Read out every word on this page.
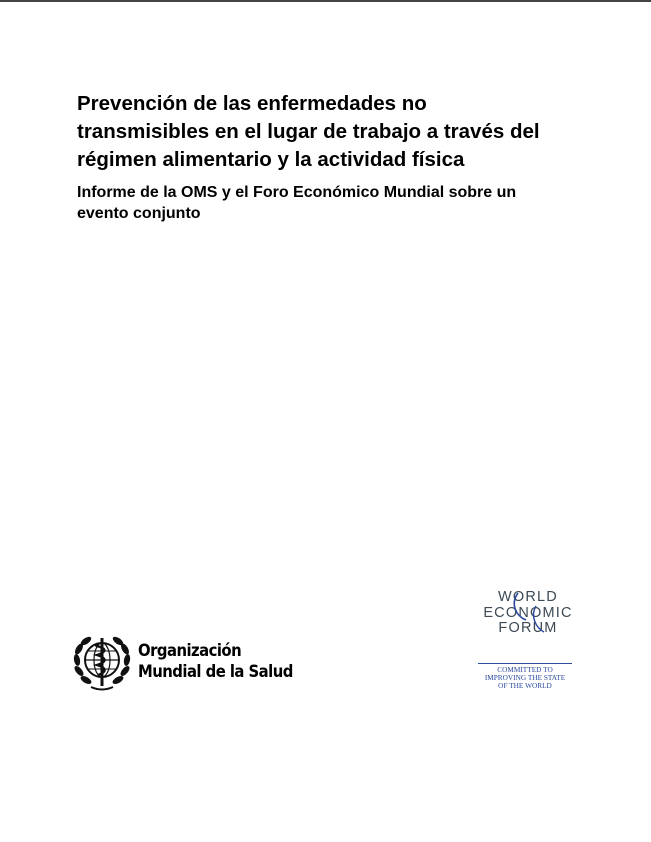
Prevención de las enfermedades no
transmisibles en el lugar de trabajo a través del
régimen alimentario y la actividad física
Informe de la OMS y el Foro Económico Mundial sobre un
evento conjunto
Organización
Mundial de la Salud
WORLD
ECONOMIC
FORUM
COMMITTED TO
IMPROVING THE STATE
OF THE WORLD
